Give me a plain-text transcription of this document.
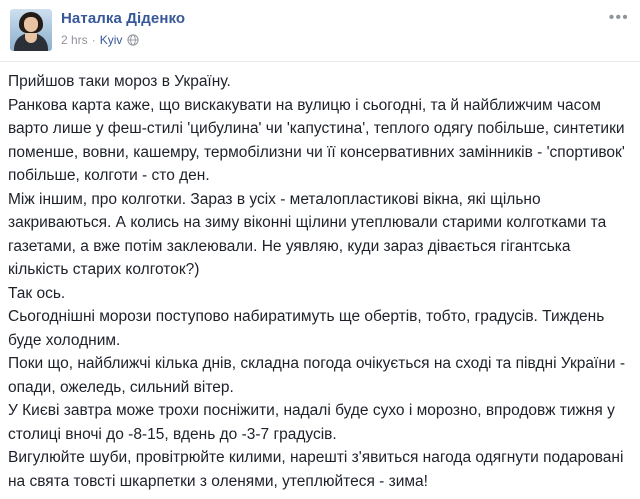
Наталка Діденко
2 hrs · Kyiv
•••

Прийшов таки мороз в Україну.

Ранкова карта каже, що вискакувати на вулицю і сьогодні, та й найближчим часом варто лише у феш-стилі 'цибулина' чи 'капустина', теплого одягу побільше, синтетики поменше, вовни, кашемру, термобілизни чи її консервативних замінників - 'спортивок' побільше, колготи - сто ден.

Між іншим, про колготки. Зараз в усіх - металопластикові вікна, які щільно закриваються. А колись на зиму віконні щілини утеплювали старими колготками та газетами, а вже потім заклеювали. Не уявляю, куди зараз дівається гігантська кількість старих колготок?)

Так ось.

Сьогоднішні морози поступово набиратимуть ще обертів, тобто, градусів. Тиждень буде холодним.

Поки що, найближчі кілька днів, складна погода очікується на сході та півдні України - опади, ожеледь, сильний вітер.

У Києві завтра може трохи посніжити, надалі буде сухо і морозно, впродовж тижня у столиці вночі до -8-15, вдень до -3-7 градусів.

Вигулюйте шуби, провітрюйте килими, нарешті з'явиться нагода одягнути подаровані на свята товсті шкарпетки з оленями, утеплюйтеся - зима!
